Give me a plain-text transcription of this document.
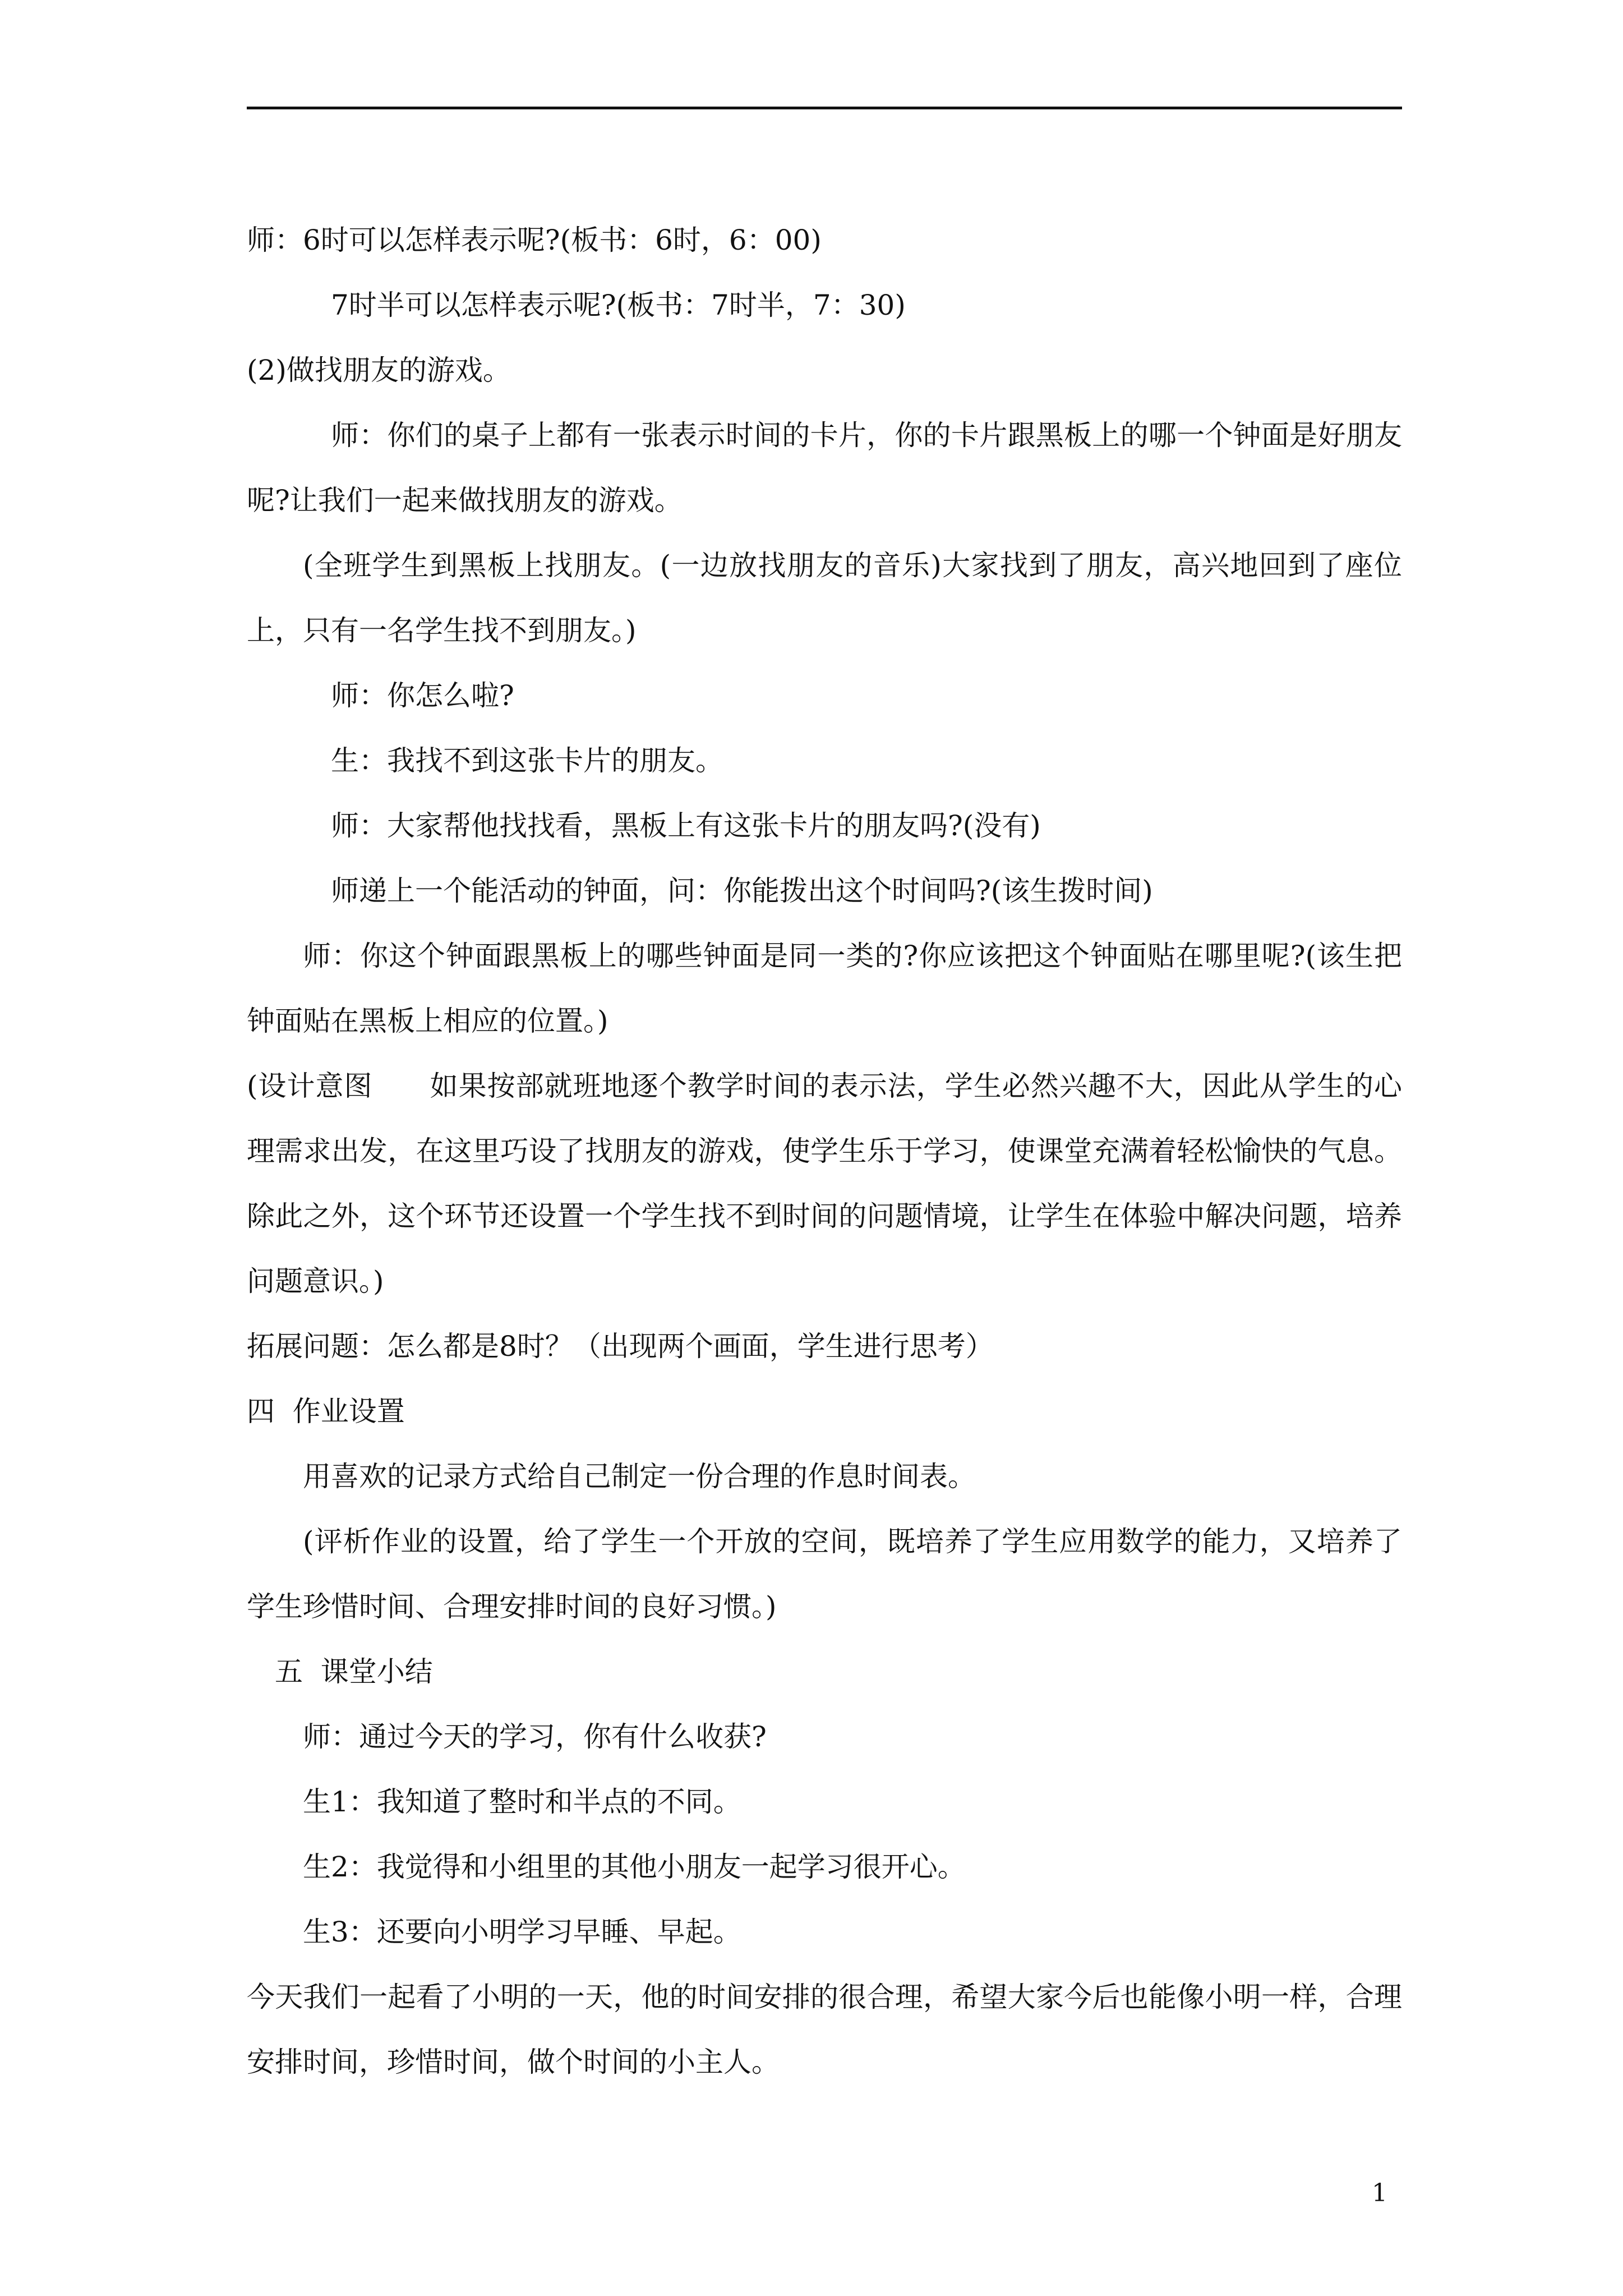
师：6时可以怎样表示呢?(板书：6时，6：00)

7时半可以怎样表示呢?(板书：7时半，7：30)

(2)做找朋友的游戏。

师：你们的桌子上都有一张表示时间的卡片，你的卡片跟黑板上的哪一个钟面是好朋友呢?让我们一起来做找朋友的游戏。

(全班学生到黑板上找朋友。(一边放找朋友的音乐)大家找到了朋友，高兴地回到了座位上，只有一名学生找不到朋友。)

师：你怎么啦?

生：我找不到这张卡片的朋友。

师：大家帮他找找看，黑板上有这张卡片的朋友吗?(没有)

师递上一个能活动的钟面，问：你能拨出这个时间吗?(该生拨时间)

师：你这个钟面跟黑板上的哪些钟面是同一类的?你应该把这个钟面贴在哪里呢?(该生把钟面贴在黑板上相应的位置。)

(设计意图　　如果按部就班地逐个教学时间的表示法，学生必然兴趣不大，因此从学生的心理需求出发，在这里巧设了找朋友的游戏，使学生乐于学习，使课堂充满着轻松愉快的气息。除此之外，这个环节还设置一个学生找不到时间的问题情境，让学生在体验中解决问题，培养问题意识。)

拓展问题：怎么都是8时？（出现两个画面，学生进行思考）

四  作业设置

用喜欢的记录方式给自己制定一份合理的作息时间表。

(评析作业的设置，给了学生一个开放的空间，既培养了学生应用数学的能力，又培养了学生珍惜时间、合理安排时间的良好习惯。)

五  课堂小结

师：通过今天的学习，你有什么收获?

生1：我知道了整时和半点的不同。

生2：我觉得和小组里的其他小朋友一起学习很开心。

生3：还要向小明学习早睡、早起。

今天我们一起看了小明的一天，他的时间安排的很合理，希望大家今后也能像小明一样，合理安排时间，珍惜时间，做个时间的小主人。

1
